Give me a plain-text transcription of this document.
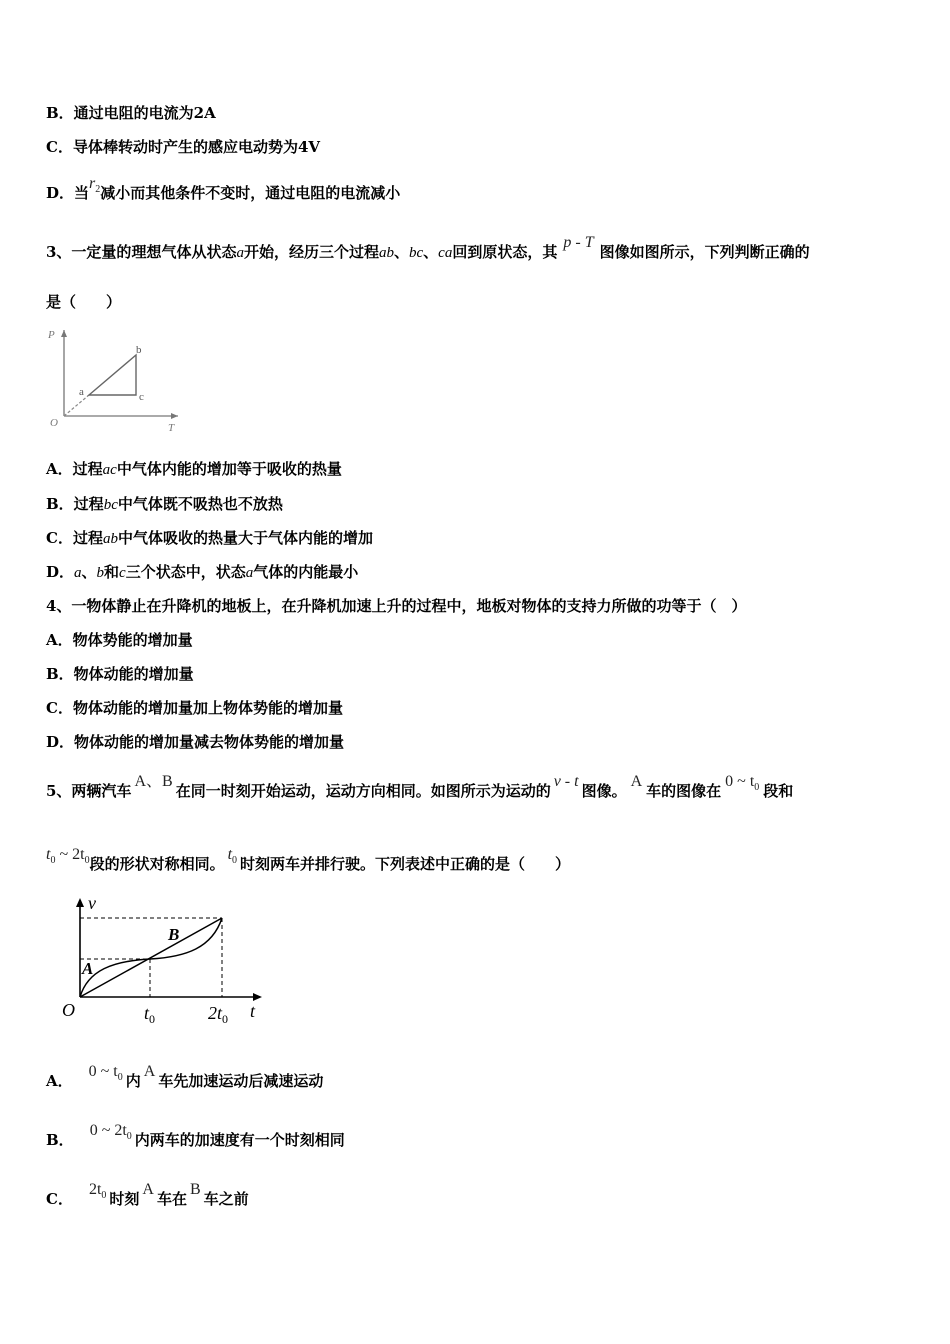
B．通过电阻的电流为2A
C．导体棒转动时产生的感应电动势为4V
D．当$r_2$减小而其他条件不变时，通过电阻的电流减小
3、一定量的理想气体从状态a开始，经历三个过程ab、bc、ca回到原状态，其p - T图像如图所示，下列判断正确的
是（　　）
P
T
O
a
b
c
A．过程ac中气体内能的增加等于吸收的热量
B．过程bc中气体既不吸热也不放热
C．过程ab中气体吸收的热量大于气体内能的增加
D．a、b和c三个状态中，状态a气体的内能最小
4、一物体静止在升降机的地板上，在升降机加速上升的过程中，地板对物体的支持力所做的功等于（　）
A．物体势能的增加量
B．物体动能的增加量
C．物体动能的增加量加上物体势能的增加量
D．物体动能的增加量减去物体势能的增加量
5、两辆汽车A、B在同一时刻开始运动，运动方向相同。如图所示为运动的v - t图像。A车的图像在0 ~ $t_0$ 段和
$t_0$ ~ $2t_0$段的形状对称相同。$t_0$ 时刻两车并排行驶。下列表述中正确的是（　　）
v
t
O
A
B
$t_0$	$2t_0$
A．0 ~ $t_0$ 内A车先加速运动后减速运动
B．0 ~ $2t_0$ 内两车的加速度有一个时刻相同
C．$2t_0$ 时刻A车在B车之前
